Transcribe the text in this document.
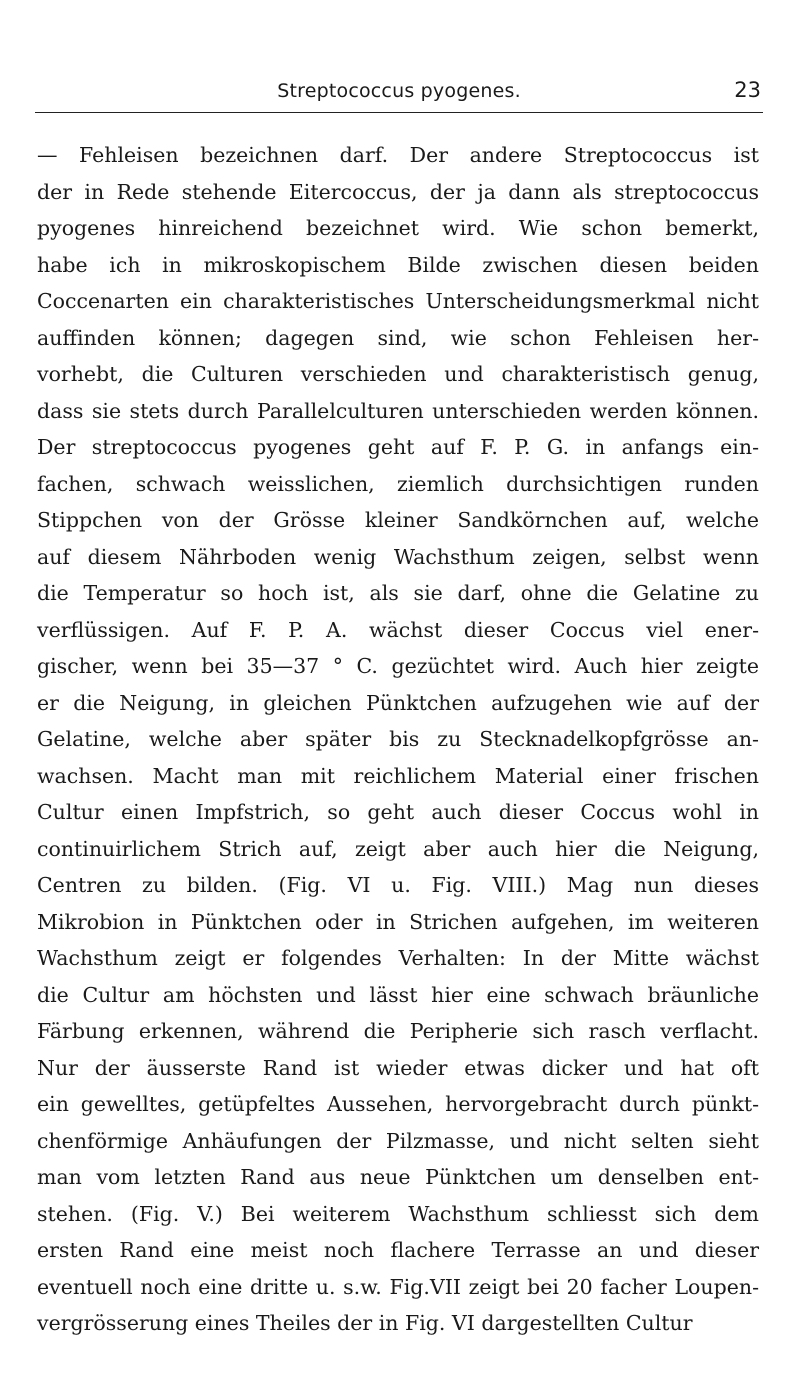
Streptococcus pyogenes.	23
— Fehleisen bezeichnen darf. Der andere Streptococcus ist
der in Rede stehende Eitercoccus, der ja dann als streptococcus
pyogenes hinreichend bezeichnet wird. Wie schon bemerkt,
habe ich in mikroskopischem Bilde zwischen diesen beiden
Coccenarten ein charakteristisches Unterscheidungsmerkmal nicht
auffinden können; dagegen sind, wie schon Fehleisen her-
vorhebt, die Culturen verschieden und charakteristisch genug,
dass sie stets durch Parallelculturen unterschieden werden können.
Der streptococcus pyogenes geht auf F. P. G. in anfangs ein-
fachen, schwach weisslichen, ziemlich durchsichtigen runden
Stippchen von der Grösse kleiner Sandkörnchen auf, welche
auf diesem Nährboden wenig Wachsthum zeigen, selbst wenn
die Temperatur so hoch ist, als sie darf, ohne die Gelatine zu
verflüssigen. Auf F. P. A. wächst dieser Coccus viel ener-
gischer, wenn bei 35—37 ° C. gezüchtet wird. Auch hier zeigte
er die Neigung, in gleichen Pünktchen aufzugehen wie auf der
Gelatine, welche aber später bis zu Stecknadelkopfgrösse an-
wachsen. Macht man mit reichlichem Material einer frischen
Cultur einen Impfstrich, so geht auch dieser Coccus wohl in
continuirlichem Strich auf, zeigt aber auch hier die Neigung,
Centren zu bilden. (Fig. VI u. Fig. VIII.) Mag nun dieses
Mikrobion in Pünktchen oder in Strichen aufgehen, im weiteren
Wachsthum zeigt er folgendes Verhalten: In der Mitte wächst
die Cultur am höchsten und lässt hier eine schwach bräunliche
Färbung erkennen, während die Peripherie sich rasch verflacht.
Nur der äusserste Rand ist wieder etwas dicker und hat oft
ein gewelltes, getüpfeltes Aussehen, hervorgebracht durch pünkt-
chenförmige Anhäufungen der Pilzmasse, und nicht selten sieht
man vom letzten Rand aus neue Pünktchen um denselben ent-
stehen. (Fig. V.) Bei weiterem Wachsthum schliesst sich dem
ersten Rand eine meist noch flachere Terrasse an und dieser
eventuell noch eine dritte u. s.w. Fig.VII zeigt bei 20 facher Loupen-
vergrösserung eines Theiles der in Fig. VI dargestellten Cultur
